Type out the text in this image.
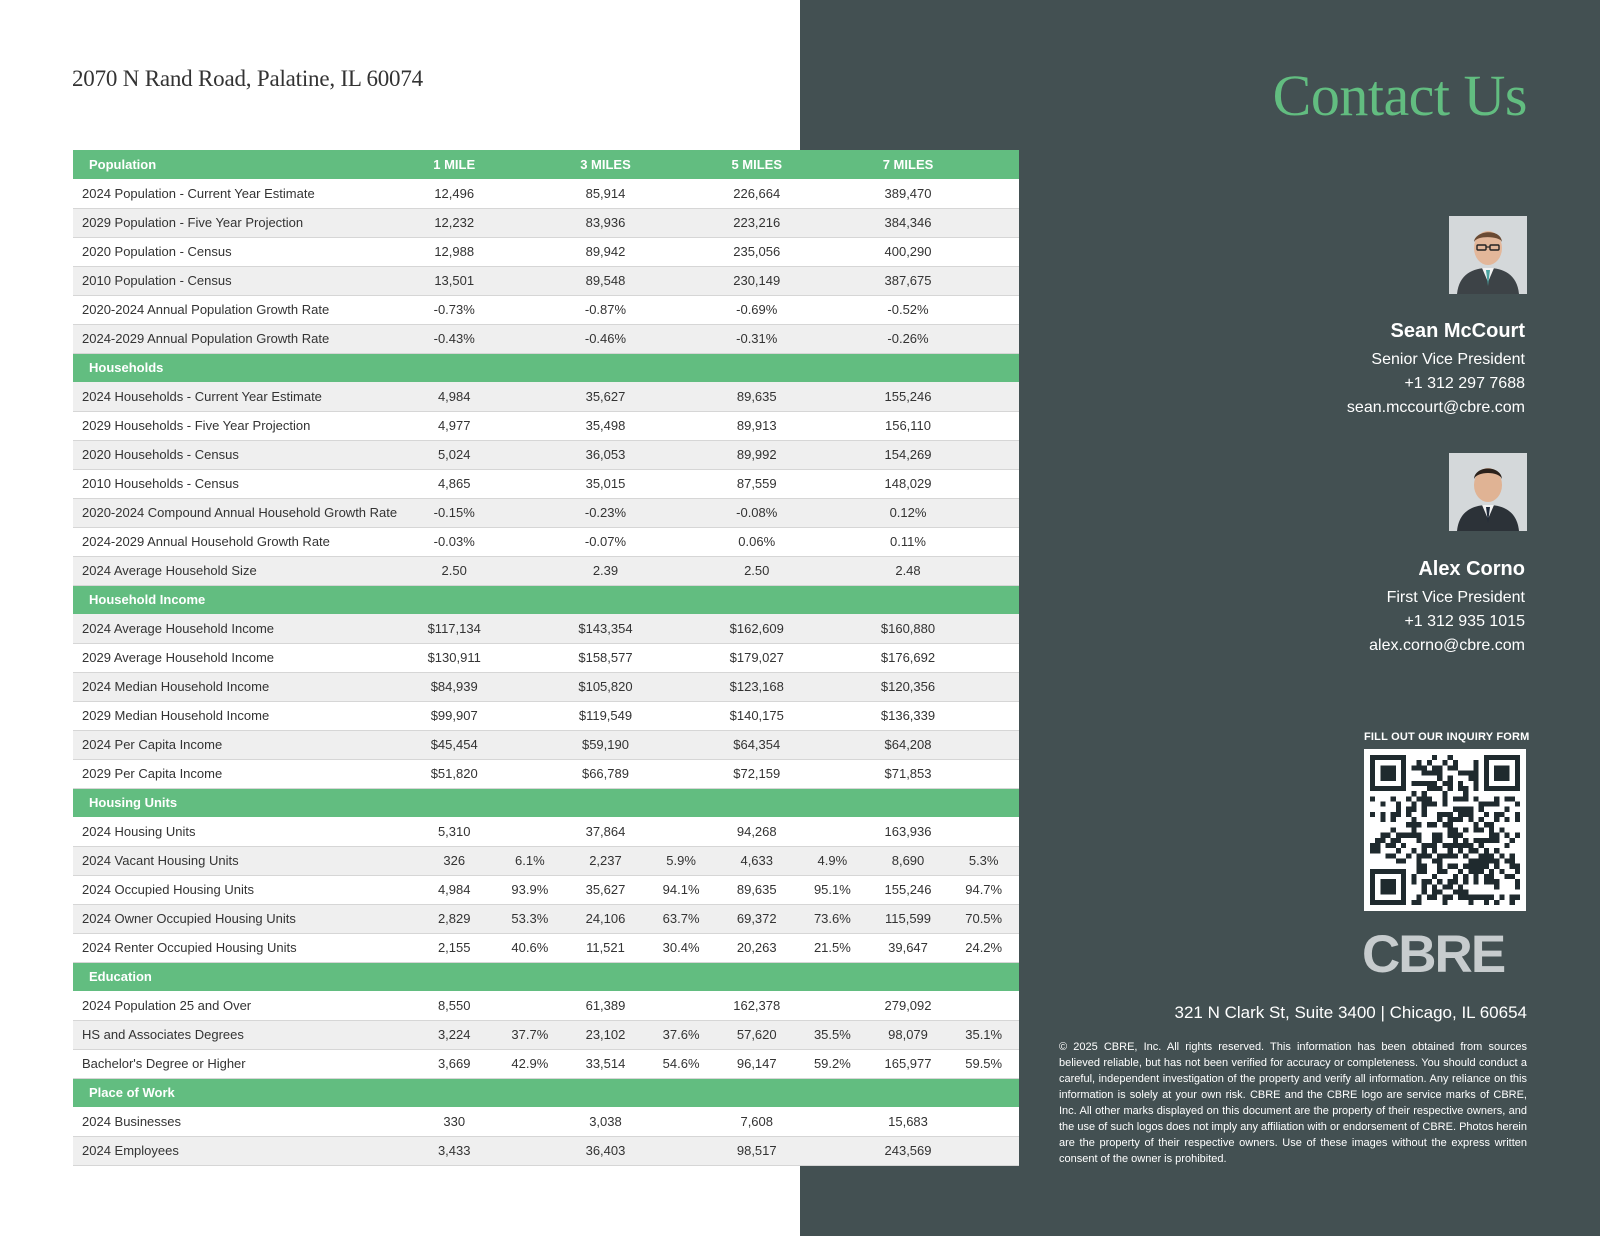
2070 N Rand Road, Palatine, IL 60074
Population	1 MILE		3 MILES		5 MILES		7 MILES	
2024 Population - Current Year Estimate	12,496		85,914		226,664		389,470	
2029 Population - Five Year Projection	12,232		83,936		223,216		384,346	
2020 Population - Census	12,988		89,942		235,056		400,290	
2010 Population - Census	13,501		89,548		230,149		387,675	
2020-2024 Annual Population Growth Rate	-0.73%		-0.87%		-0.69%		-0.52%	
2024-2029 Annual Population Growth Rate	-0.43%		-0.46%		-0.31%		-0.26%	
Households								
2024 Households - Current Year Estimate	4,984		35,627		89,635		155,246	
2029 Households - Five Year Projection	4,977		35,498		89,913		156,110	
2020 Households - Census	5,024		36,053		89,992		154,269	
2010 Households - Census	4,865		35,015		87,559		148,029	
2020-2024 Compound Annual Household Growth Rate	-0.15%		-0.23%		-0.08%		0.12%	
2024-2029 Annual Household Growth Rate	-0.03%		-0.07%		0.06%		0.11%	
2024 Average Household Size	2.50		2.39		2.50		2.48	
Household Income								
2024 Average Household Income	$117,134		$143,354		$162,609		$160,880	
2029 Average Household Income	$130,911		$158,577		$179,027		$176,692	
2024 Median Household Income	$84,939		$105,820		$123,168		$120,356	
2029 Median Household Income	$99,907		$119,549		$140,175		$136,339	
2024 Per Capita Income	$45,454		$59,190		$64,354		$64,208	
2029 Per Capita Income	$51,820		$66,789		$72,159		$71,853	
Housing Units								
2024 Housing Units	5,310		37,864		94,268		163,936	
2024 Vacant Housing Units	326	6.1%	2,237	5.9%	4,633	4.9%	8,690	5.3%
2024 Occupied Housing Units	4,984	93.9%	35,627	94.1%	89,635	95.1%	155,246	94.7%
2024 Owner Occupied Housing Units	2,829	53.3%	24,106	63.7%	69,372	73.6%	115,599	70.5%
2024 Renter Occupied Housing Units	2,155	40.6%	11,521	30.4%	20,263	21.5%	39,647	24.2%
Education								
2024 Population 25 and Over	8,550		61,389		162,378		279,092	
HS and Associates Degrees	3,224	37.7%	23,102	37.6%	57,620	35.5%	98,079	35.1%
Bachelor's Degree or Higher	3,669	42.9%	33,514	54.6%	96,147	59.2%	165,977	59.5%
Place of Work								
2024 Businesses	330		3,038		7,608		15,683	
2024 Employees	3,433		36,403		98,517		243,569	
Contact Us
Sean McCourt
Senior Vice President
+1 312 297 7688
sean.mccourt@cbre.com
Alex Corno
First Vice President
+1 312 935 1015
alex.corno@cbre.com
FILL OUT OUR INQUIRY FORM
CBRE
321 N Clark St, Suite 3400 | Chicago, IL 60654
© 2025 CBRE, Inc. All rights reserved. This information has been obtained from sources believed reliable, but has not been verified for accuracy or completeness. You should conduct a careful, independent investigation of the property and verify all information. Any reliance on this information is solely at your own risk. CBRE and the CBRE logo are service marks of CBRE, Inc. All other marks displayed on this document are the property of their respective owners, and the use of such logos does not imply any affiliation with or endorsement of CBRE. Photos herein are the property of their respective owners. Use of these images without the express written consent of the owner is prohibited.
